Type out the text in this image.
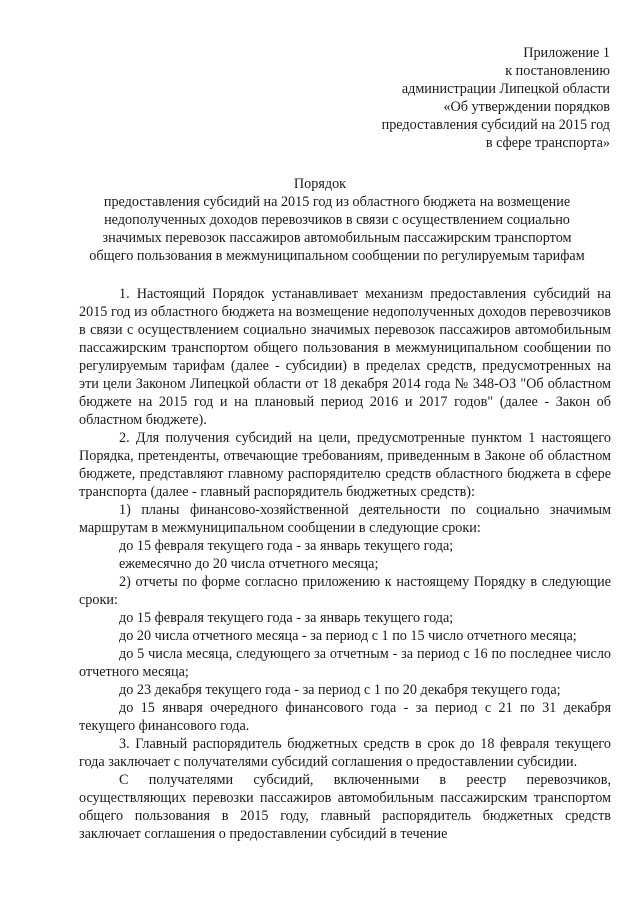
Приложение 1
к постановлению
администрации Липецкой области
«Об утверждении порядков
предоставления субсидий на 2015 год
в сфере транспорта»
Порядок
предоставления субсидий на 2015 год из областного бюджета на возмещение
недополученных доходов перевозчиков в связи с осуществлением социально
значимых перевозок пассажиров автомобильным пассажирским транспортом
общего пользования в межмуниципальном сообщении по регулируемым тарифам

1. Настоящий Порядок устанавливает механизм предоставления субсидий на 2015 год из областного бюджета на возмещение недополученных доходов перевозчиков в связи с осуществлением социально значимых перевозок пассажиров автомобильным пассажирским транспортом общего пользования в межмуниципальном сообщении по регулируемым тарифам (далее - субсидии) в пределах средств, предусмотренных на эти цели Законом Липецкой области от 18 декабря 2014 года № 348-ОЗ "Об областном бюджете на 2015 год и на плановый период 2016 и 2017 годов" (далее - Закон об областном бюджете).

2. Для получения субсидий на цели, предусмотренные пунктом 1 настоящего Порядка, претенденты, отвечающие требованиям, приведенным в Законе об областном бюджете, представляют главному распорядителю средств областного бюджета в сфере транспорта (далее - главный распорядитель бюджетных средств):

1) планы финансово-хозяйственной деятельности по социально значимым маршрутам в межмуниципальном сообщении в следующие сроки:

до 15 февраля текущего года - за январь текущего года;

ежемесячно до 20 числа отчетного месяца;

2) отчеты по форме согласно приложению к настоящему Порядку в следующие сроки:

до 15 февраля текущего года - за январь текущего года;

до 20 числа отчетного месяца - за период с 1 по 15 число отчетного месяца;

до 5 числа месяца, следующего за отчетным - за период с 16 по последнее число отчетного месяца;

до 23 декабря текущего года - за период с 1 по 20 декабря текущего года;

до 15 января очередного финансового года - за период с 21 по 31 декабря текущего финансового года.

3. Главный распорядитель бюджетных средств в срок до 18 февраля текущего года заключает с получателями субсидий соглашения о предоставлении субсидии.

С получателями субсидий, включенными в реестр перевозчиков, осуществляющих перевозки пассажиров автомобильным пассажирским транспортом общего пользования в 2015 году, главный распорядитель бюджетных средств заключает соглашения о предоставлении субсидий в течение
